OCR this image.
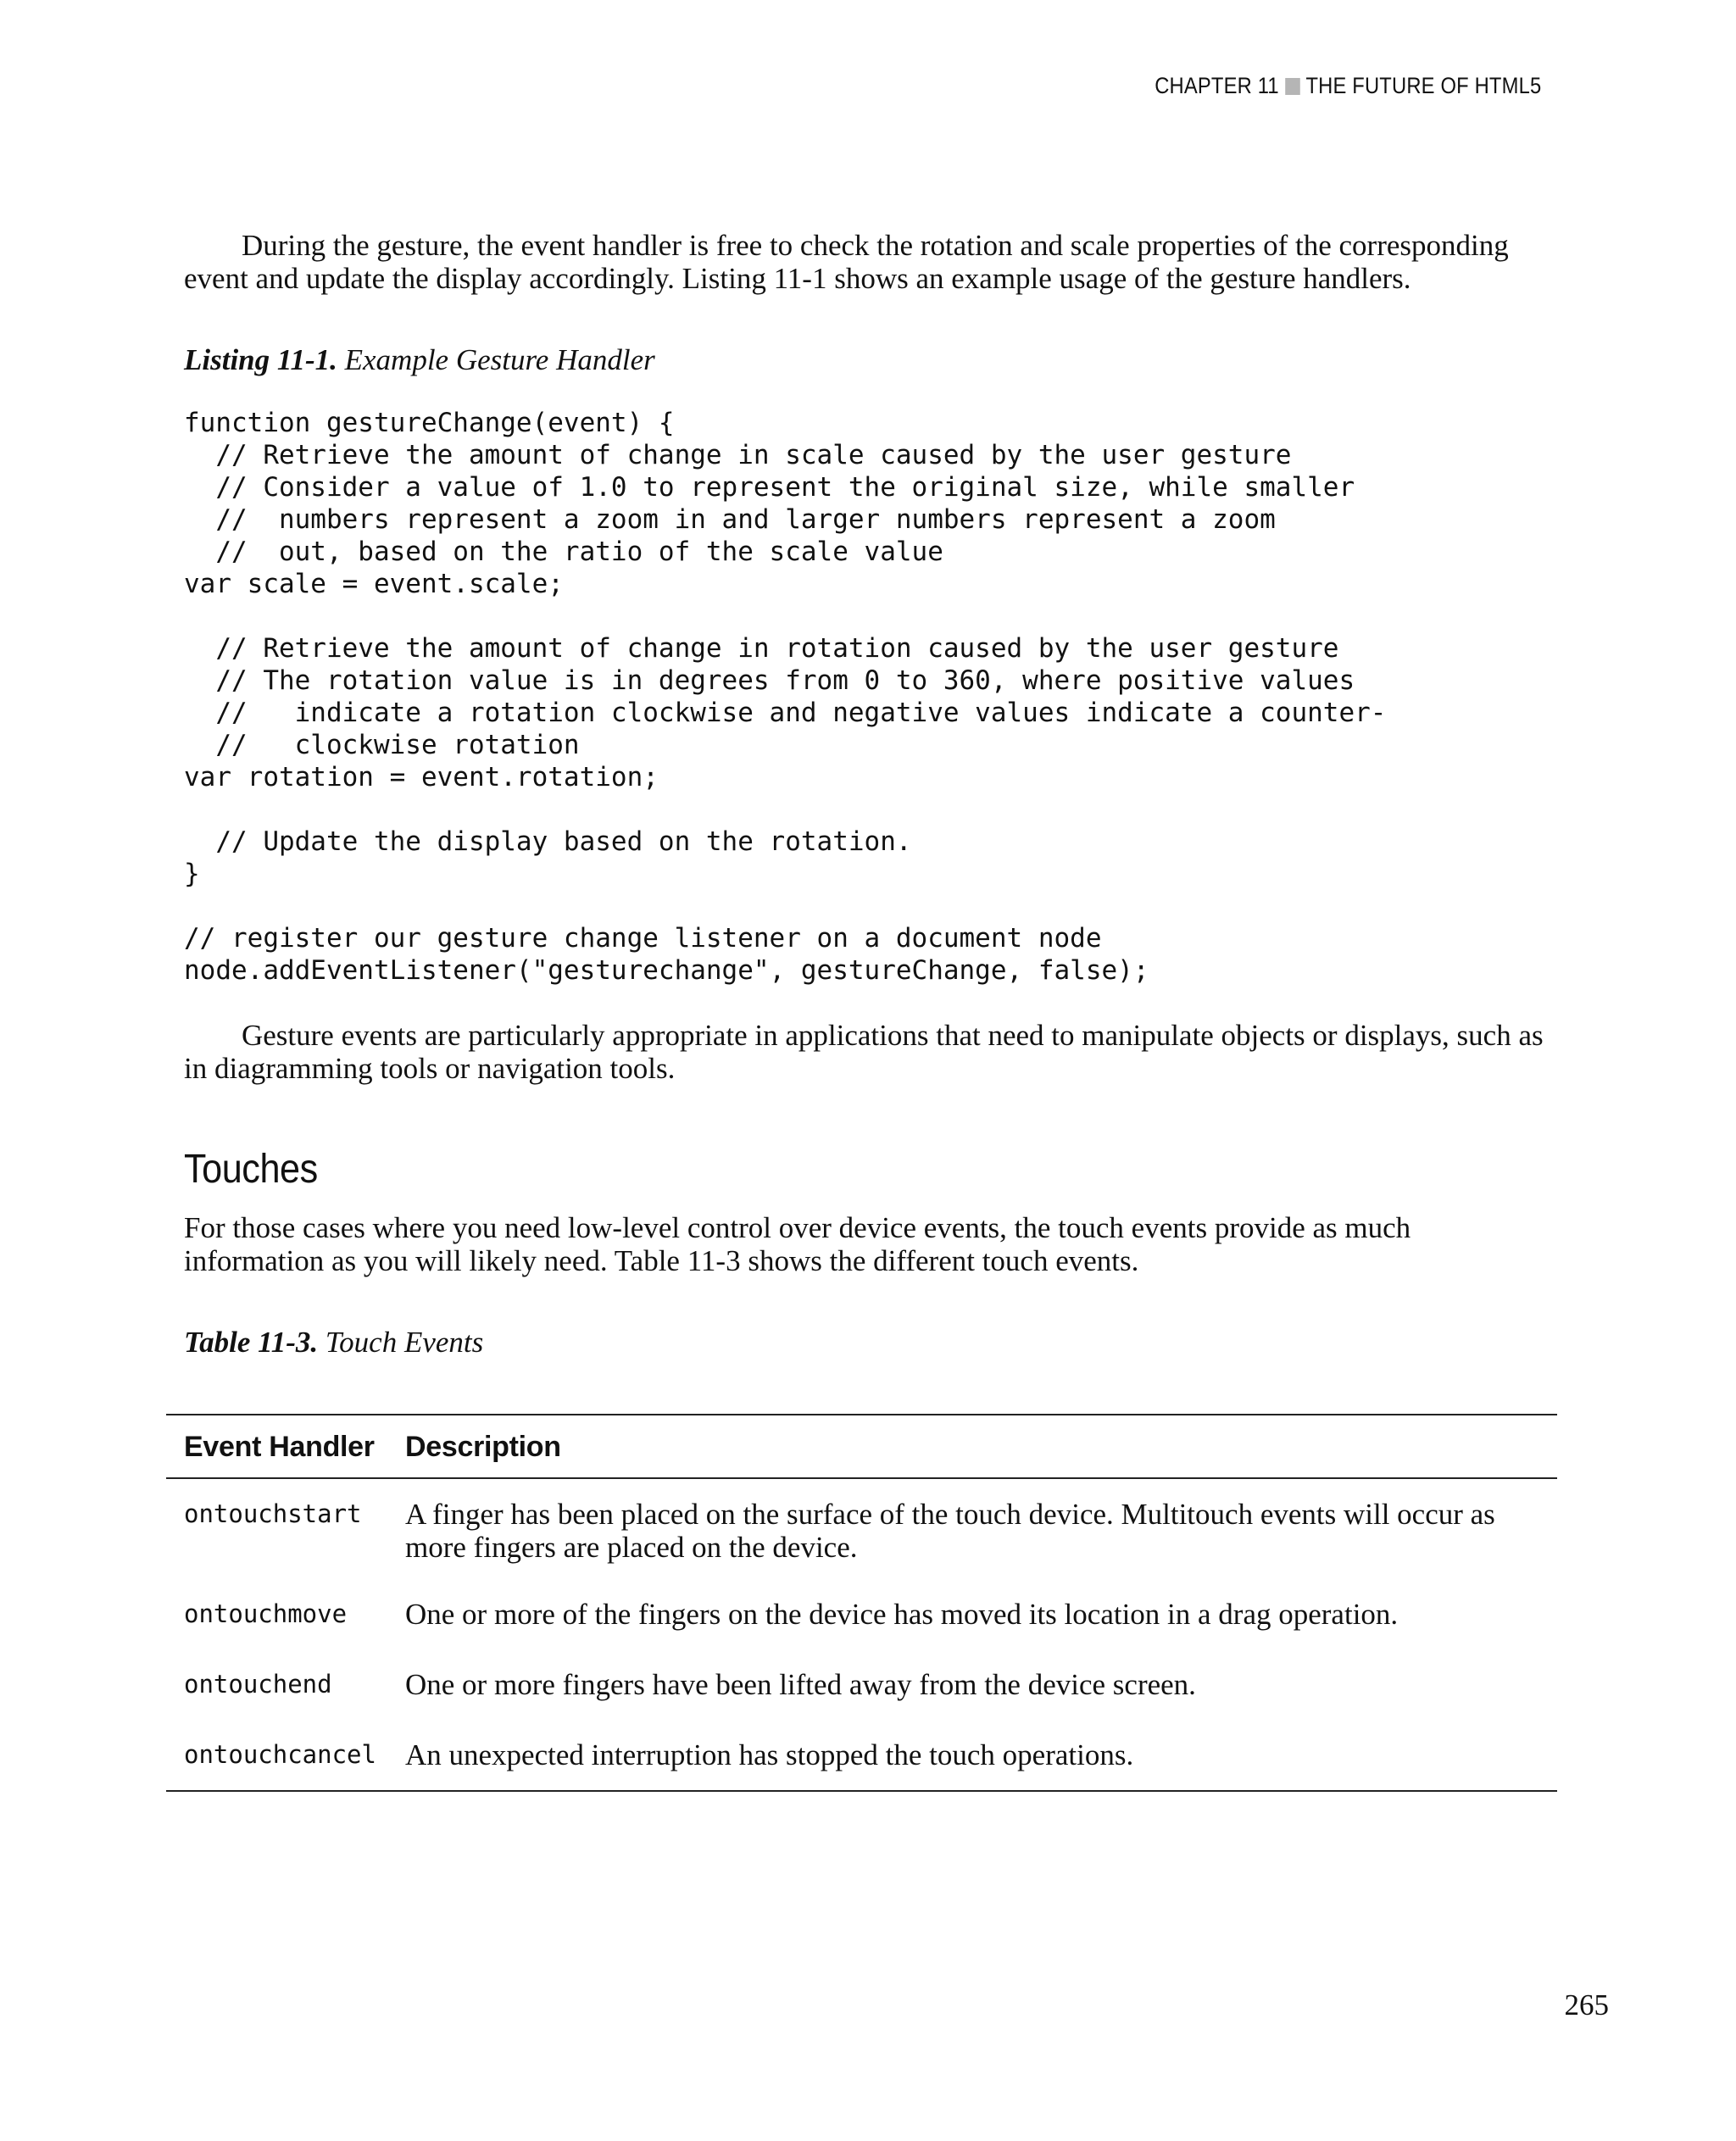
CHAPTER 11 THE FUTURE OF HTML5

During the gesture, the event handler is free to check the rotation and scale properties of the corresponding event and update the display accordingly. Listing 11-1 shows an example usage of the gesture handlers.

Listing 11-1. Example Gesture Handler

function gestureChange(event) {
// Retrieve the amount of change in scale caused by the user gesture
// Consider a value of 1.0 to represent the original size, while smaller
//  numbers represent a zoom in and larger numbers represent a zoom
//  out, based on the ratio of the scale value
var scale = event.scale;

// Retrieve the amount of change in rotation caused by the user gesture
// The rotation value is in degrees from 0 to 360, where positive values
//   indicate a rotation clockwise and negative values indicate a counter-
//   clockwise rotation
var rotation = event.rotation;

// Update the display based on the rotation.
}

// register our gesture change listener on a document node
node.addEventListener("gesturechange", gestureChange, false);

Gesture events are particularly appropriate in applications that need to manipulate objects or displays, such as in diagramming tools or navigation tools.

Touches

For those cases where you need low-level control over device events, the touch events provide as much information as you will likely need. Table 11-3 shows the different touch events.

Table 11-3. Touch Events

Event Handler	Description
ontouchstart	A finger has been placed on the surface of the touch device. Multitouch events will occur as more fingers are placed on the device.
ontouchmove	One or more of the fingers on the device has moved its location in a drag operation.
ontouchend	One or more fingers have been lifted away from the device screen.
ontouchcancel	An unexpected interruption has stopped the touch operations.
265
